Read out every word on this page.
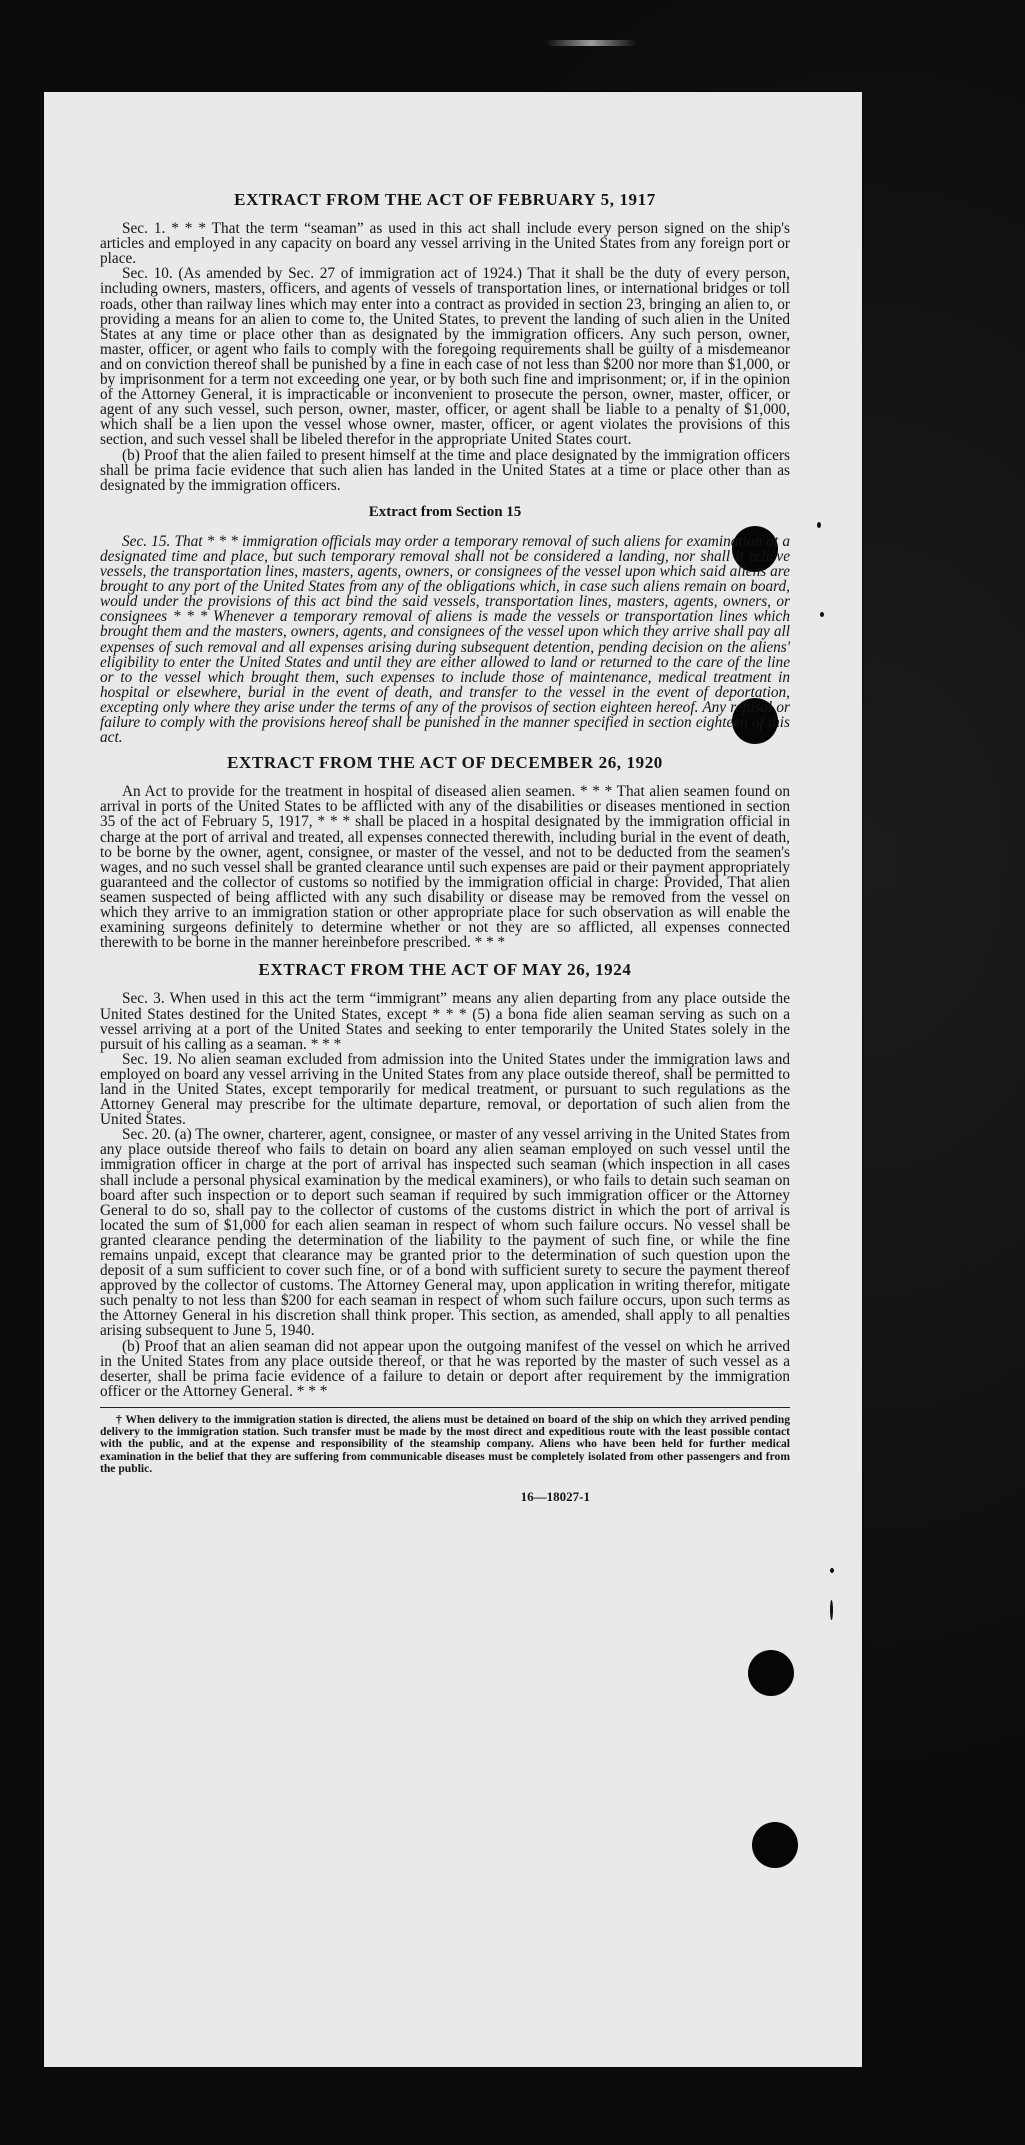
EXTRACT FROM THE ACT OF FEBRUARY 5, 1917

Sec. 1. * * * That the term “seaman” as used in this act shall include every person signed on the ship's articles and employed in any capacity on board any vessel arriving in the United States from any foreign port or place.

Sec. 10. (As amended by Sec. 27 of immigration act of 1924.) That it shall be the duty of every person, including owners, masters, officers, and agents of vessels of transportation lines, or international bridges or toll roads, other than railway lines which may enter into a contract as provided in section 23, bringing an alien to, or providing a means for an alien to come to, the United States, to prevent the landing of such alien in the United States at any time or place other than as designated by the immigration officers. Any such person, owner, master, officer, or agent who fails to comply with the foregoing requirements shall be guilty of a misdemeanor and on conviction thereof shall be punished by a fine in each case of not less than $200 nor more than $1,000, or by imprisonment for a term not exceeding one year, or by both such fine and imprisonment; or, if in the opinion of the Attorney General, it is impracticable or inconvenient to prosecute the person, owner, master, officer, or agent of any such vessel, such person, owner, master, officer, or agent shall be liable to a penalty of $1,000, which shall be a lien upon the vessel whose owner, master, officer, or agent violates the provisions of this section, and such vessel shall be libeled therefor in the appropriate United States court.

(b) Proof that the alien failed to present himself at the time and place designated by the immigration officers shall be prima facie evidence that such alien has landed in the United States at a time or place other than as designated by the immigration officers.

Extract from Section 15

Sec. 15. That * * * immigration officials may order a temporary removal of such aliens for examination at a designated time and place, but such temporary removal shall not be considered a landing, nor shall it relieve vessels, the transportation lines, masters, agents, owners, or consignees of the vessel upon which said aliens are brought to any port of the United States from any of the obligations which, in case such aliens remain on board, would under the provisions of this act bind the said vessels, transportation lines, masters, agents, owners, or consignees * * * Whenever a temporary removal of aliens is made the vessels or transportation lines which brought them and the masters, owners, agents, and consignees of the vessel upon which they arrive shall pay all expenses of such removal and all expenses arising during subsequent detention, pending decision on the aliens' eligibility to enter the United States and until they are either allowed to land or returned to the care of the line or to the vessel which brought them, such expenses to include those of maintenance, medical treatment in hospital or elsewhere, burial in the event of death, and transfer to the vessel in the event of deportation, excepting only where they arise under the terms of any of the provisos of section eighteen hereof. Any refusal or failure to comply with the provisions hereof shall be punished in the manner specified in section eighteen of this act.

EXTRACT FROM THE ACT OF DECEMBER 26, 1920

An Act to provide for the treatment in hospital of diseased alien seamen. * * * That alien seamen found on arrival in ports of the United States to be afflicted with any of the disabilities or diseases mentioned in section 35 of the act of February 5, 1917, * * * shall be placed in a hospital designated by the immigration official in charge at the port of arrival and treated, all expenses connected therewith, including burial in the event of death, to be borne by the owner, agent, consignee, or master of the vessel, and not to be deducted from the seamen's wages, and no such vessel shall be granted clearance until such expenses are paid or their payment appropriately guaranteed and the collector of customs so notified by the immigration official in charge: Provided, That alien seamen suspected of being afflicted with any such disability or disease may be removed from the vessel on which they arrive to an immigration station or other appropriate place for such observation as will enable the examining surgeons definitely to determine whether or not they are so afflicted, all expenses connected therewith to be borne in the manner hereinbefore prescribed. * * *

EXTRACT FROM THE ACT OF MAY 26, 1924

Sec. 3. When used in this act the term “immigrant” means any alien departing from any place outside the United States destined for the United States, except * * * (5) a bona fide alien seaman serving as such on a vessel arriving at a port of the United States and seeking to enter temporarily the United States solely in the pursuit of his calling as a seaman. * * *

Sec. 19. No alien seaman excluded from admission into the United States under the immigration laws and employed on board any vessel arriving in the United States from any place outside thereof, shall be permitted to land in the United States, except temporarily for medical treatment, or pursuant to such regulations as the Attorney General may prescribe for the ultimate departure, removal, or deportation of such alien from the United States.

Sec. 20. (a) The owner, charterer, agent, consignee, or master of any vessel arriving in the United States from any place outside thereof who fails to detain on board any alien seaman employed on such vessel until the immigration officer in charge at the port of arrival has inspected such seaman (which inspection in all cases shall include a personal physical examination by the medical examiners), or who fails to detain such seaman on board after such inspection or to deport such seaman if required by such immigration officer or the Attorney General to do so, shall pay to the collector of customs of the customs district in which the port of arrival is located the sum of $1,000 for each alien seaman in respect of whom such failure occurs. No vessel shall be granted clearance pending the determination of the liability to the payment of such fine, or while the fine remains unpaid, except that clearance may be granted prior to the determination of such question upon the deposit of a sum sufficient to cover such fine, or of a bond with sufficient surety to secure the payment thereof approved by the collector of customs. The Attorney General may, upon application in writing therefor, mitigate such penalty to not less than $200 for each seaman in respect of whom such failure occurs, upon such terms as the Attorney General in his discretion shall think proper. This section, as amended, shall apply to all penalties arising subsequent to June 5, 1940.

(b) Proof that an alien seaman did not appear upon the outgoing manifest of the vessel on which he arrived in the United States from any place outside thereof, or that he was reported by the master of such vessel as a deserter, shall be prima facie evidence of a failure to detain or deport after requirement by the immigration officer or the Attorney General. * * *

† When delivery to the immigration station is directed, the aliens must be detained on board of the ship on which they arrived pending delivery to the immigration station. Such transfer must be made by the most direct and expeditious route with the least possible contact with the public, and at the expense and responsibility of the steamship company. Aliens who have been held for further medical examination in the belief that they are suffering from communicable diseases must be completely isolated from other passengers and from the public.

16—18027-1
